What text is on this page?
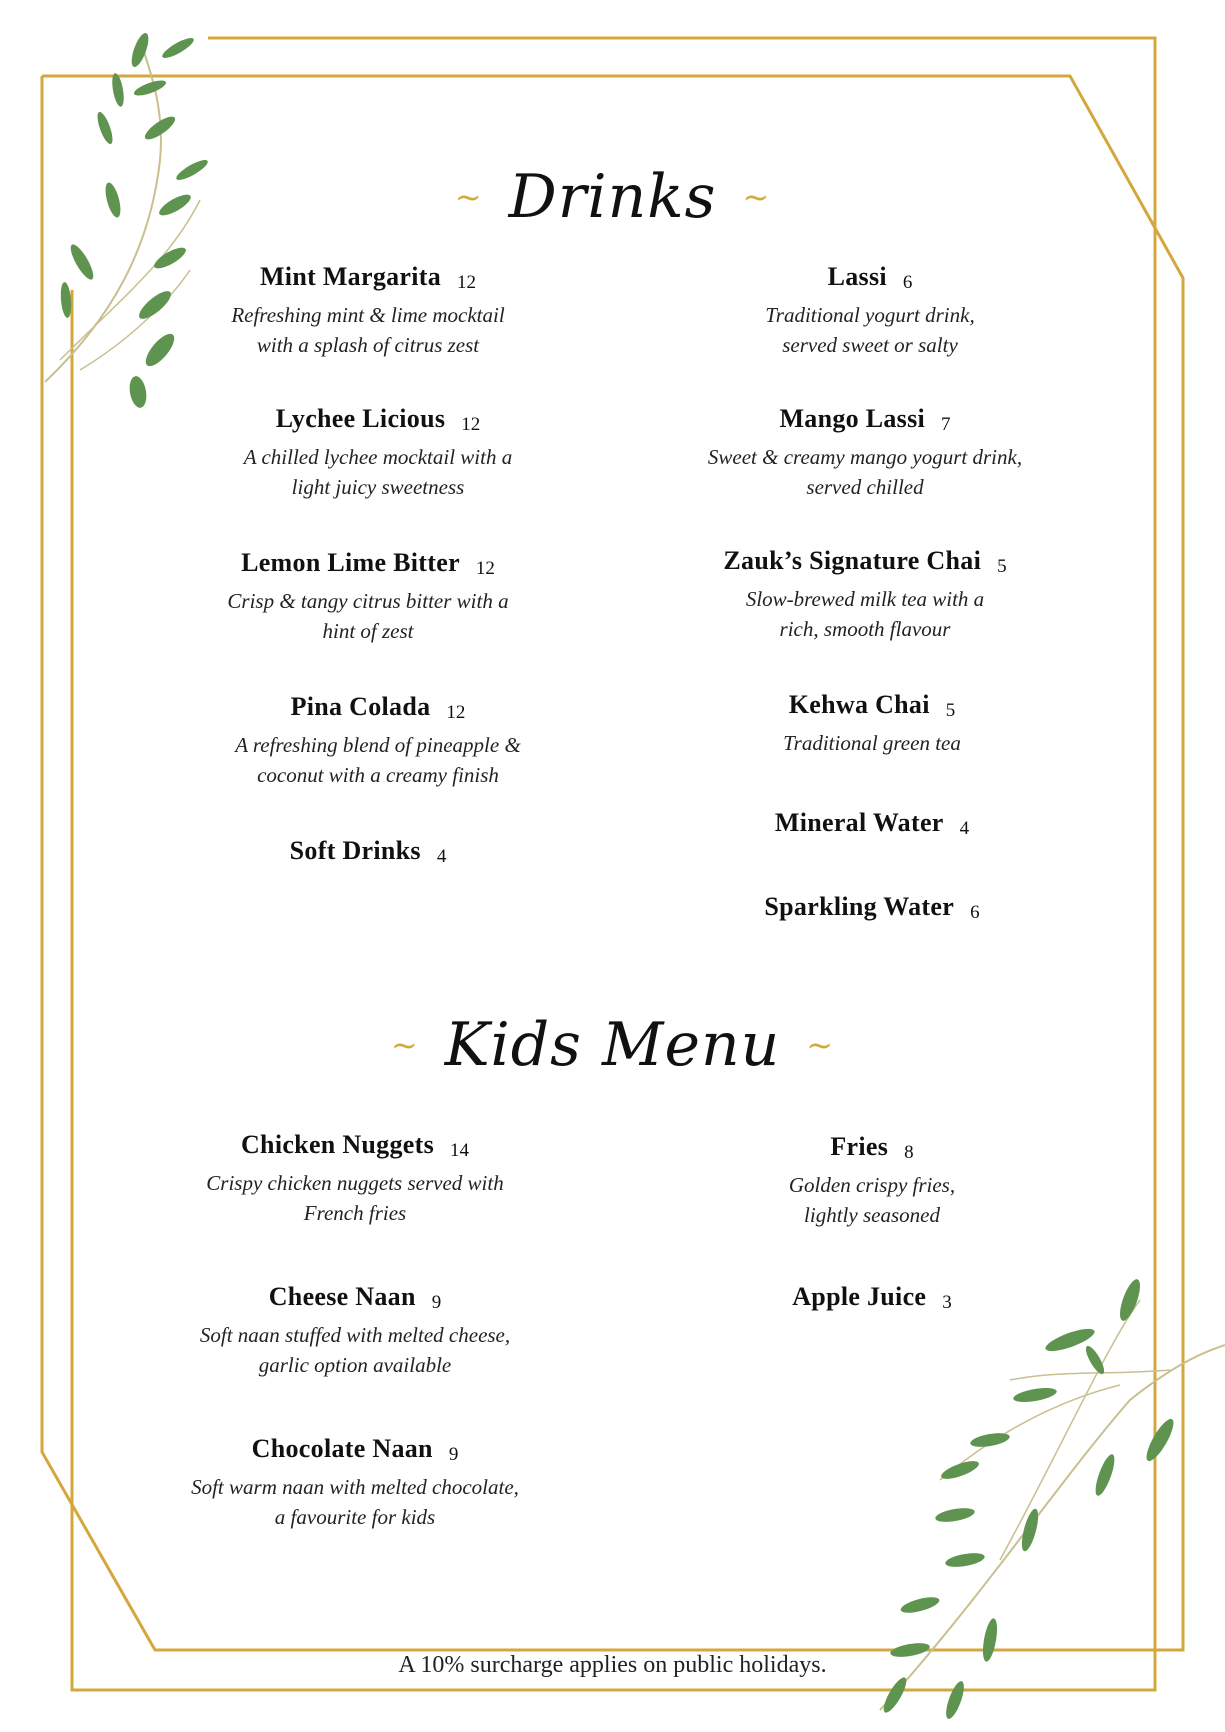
~ Drinks ~
Mint Margarita 12
Refreshing mint & lime mocktail
with a splash of citrus zest
Lychee Licious 12
A chilled lychee mocktail with a
light juicy sweetness
Lemon Lime Bitter 12
Crisp & tangy citrus bitter with a
hint of zest
Pina Colada 12
A refreshing blend of pineapple &
coconut with a creamy finish
Soft Drinks 4
Lassi 6
Traditional yogurt drink,
served sweet or salty
Mango Lassi 7
Sweet & creamy mango yogurt drink,
served chilled
Zauk’s Signature Chai 5
Slow-brewed milk tea with a
rich, smooth flavour
Kehwa Chai 5
Traditional green tea
Mineral Water 4
Sparkling Water 6
~ Kids Menu ~
Chicken Nuggets 14
Crispy chicken nuggets served with
French fries
Cheese Naan 9
Soft naan stuffed with melted cheese,
garlic option available
Chocolate Naan 9
Soft warm naan with melted chocolate,
a favourite for kids
Fries 8
Golden crispy fries,
lightly seasoned
Apple Juice 3
A 10% surcharge applies on public holidays.
